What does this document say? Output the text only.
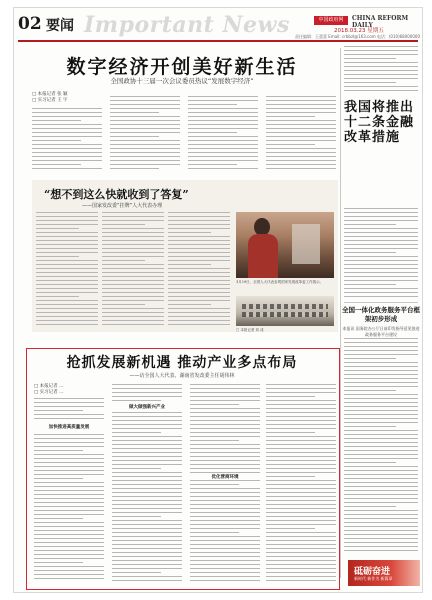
02 要闻 Important News	中国政府网	CHINA REFORM DAILY
2018.03.23 星期五
责任编辑：王蕾蕾 Email: crbbzl@163.com 电话：(010)68000000
数字经济开创美好新生活
全国政协十三届一次会议委员热议“发展数字经济”
□ 本报记者 张 颖
□ 实习记者 王 宇	我国将推出十二条金融改革措施
全国一体化政务服务平台框架初步形成
本报讯 国务院办公厅日前印发指导意见推进政务服务平台建设
“想不到这么快就收到了答复”
——国家发改委“挂牌”人大代表办理
3月19日，全国人大代表参观国家发展改革委工作展示。
□ 本报记者 刘 成
抢抓发展新机遇 推动产业多点布局
——访全国人大代表、湖南省发改委主任胡伟林
□ 本报记者 …
□ 实习记者 …
加快推进高质量发展
做大做强新兴产业
优化营商环境
砥砺奋进
新时代 新作为 新篇章
